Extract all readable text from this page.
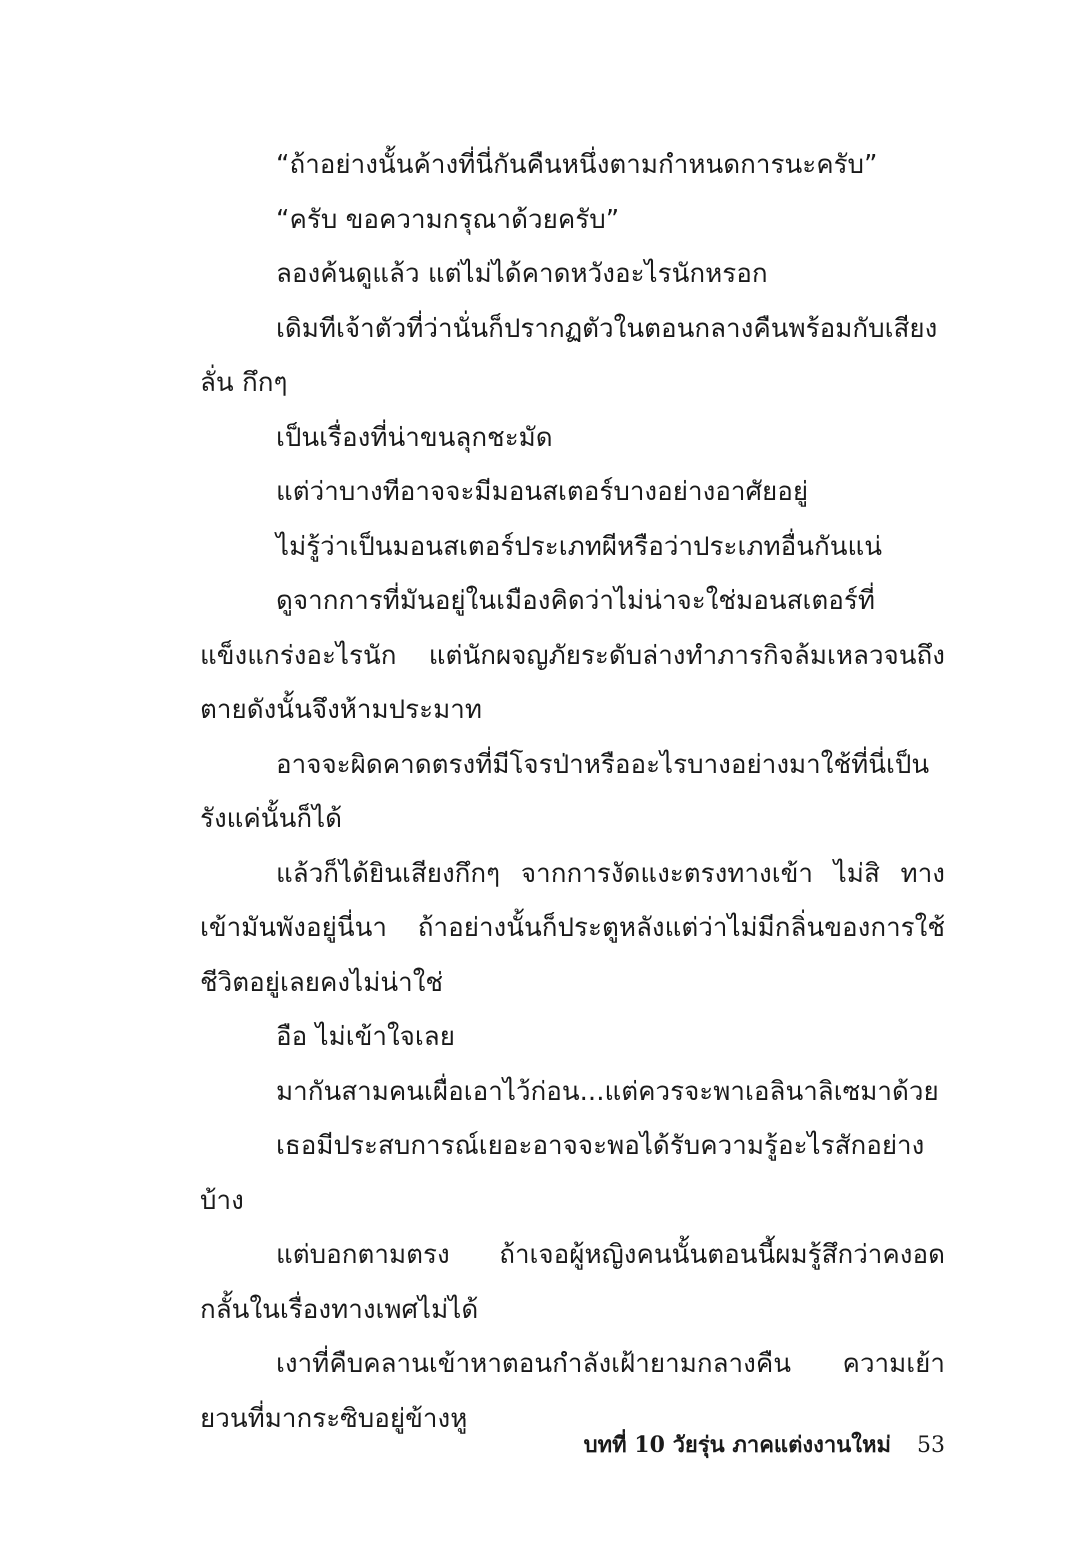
“ถ้าอย่างนั้นค้างที่นี่กันคืนหนึ่งตามกำหนดการนะครับ”

“ครับ ขอความกรุณาด้วยครับ”

ลองค้นดูแล้ว แต่ไม่ได้คาดหวังอะไรนักหรอก

เดิมทีเจ้าตัวที่ว่านั่นก็ปรากฏตัวในตอนกลางคืนพร้อมกับเสียงลั่น กึกๆ

เป็นเรื่องที่น่าขนลุกชะมัด

แต่ว่าบางทีอาจจะมีมอนสเตอร์บางอย่างอาศัยอยู่

ไม่รู้ว่าเป็นมอนสเตอร์ประเภทผีหรือว่าประเภทอื่นกันแน่

ดูจากการที่มันอยู่ในเมืองคิดว่าไม่น่าจะใช่มอนสเตอร์ที่แข็งแกร่งอะไรนัก แต่นักผจญภัยระดับล่างทำภารกิจล้มเหลวจนถึงตายดังนั้นจึงห้ามประมาท

อาจจะผิดคาดตรงที่มีโจรป่าหรืออะไรบางอย่างมาใช้ที่นี่เป็นรังแค่นั้นก็ได้

แล้วก็ได้ยินเสียงกึกๆ จากการงัดแงะตรงทางเข้า ไม่สิ ทางเข้ามันพังอยู่นี่นา ถ้าอย่างนั้นก็ประตูหลังแต่ว่าไม่มีกลิ่นของการใช้ชีวิตอยู่เลยคงไม่น่าใช่

อือ ไม่เข้าใจเลย

มากันสามคนเผื่อเอาไว้ก่อน...แต่ควรจะพาเอลินาลิเซมาด้วย

เธอมีประสบการณ์เยอะอาจจะพอได้รับความรู้อะไรสักอย่างบ้าง

แต่บอกตามตรง ถ้าเจอผู้หญิงคนนั้นตอนนี้ผมรู้สึกว่าคงอดกลั้นในเรื่องทางเพศไม่ได้

เงาที่คืบคลานเข้าหาตอนกำลังเฝ้ายามกลางคืน ความเย้ายวนที่มากระซิบอยู่ข้างหู

บทที่ 10 วัยรุ่น ภาคแต่งงานใหม่ 53
